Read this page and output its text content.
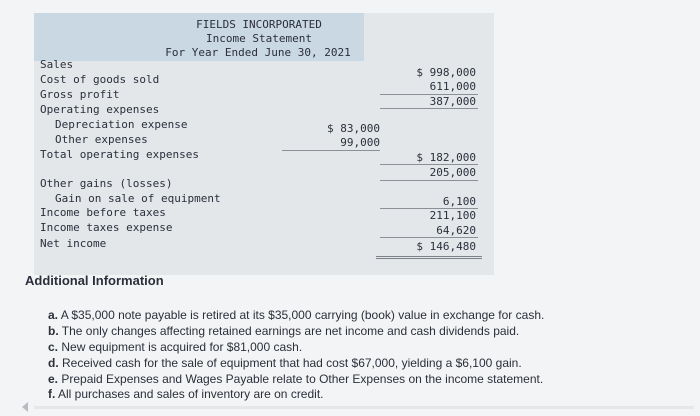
FIELDS INCORPORATED
Income Statement
For Year Ended June 30, 2021
Sales
Cost of goods sold
Gross profit
Operating expenses
Depreciation expense
Other expenses
Total operating expenses
Other gains (losses)
Gain on sale of equipment
Income before taxes
Income taxes expense
Net income
$ 83,000
99,000
$ 998,000
611,000
387,000
$ 182,000
205,000
6,100
211,100
64,620
$ 146,480
Additional Information
a. A $35,000 note payable is retired at its $35,000 carrying (book) value in exchange for cash.
b. The only changes affecting retained earnings are net income and cash dividends paid.
c. New equipment is acquired for $81,000 cash.
d. Received cash for the sale of equipment that had cost $67,000, yielding a $6,100 gain.
e. Prepaid Expenses and Wages Payable relate to Other Expenses on the income statement.
f. All purchases and sales of inventory are on credit.
